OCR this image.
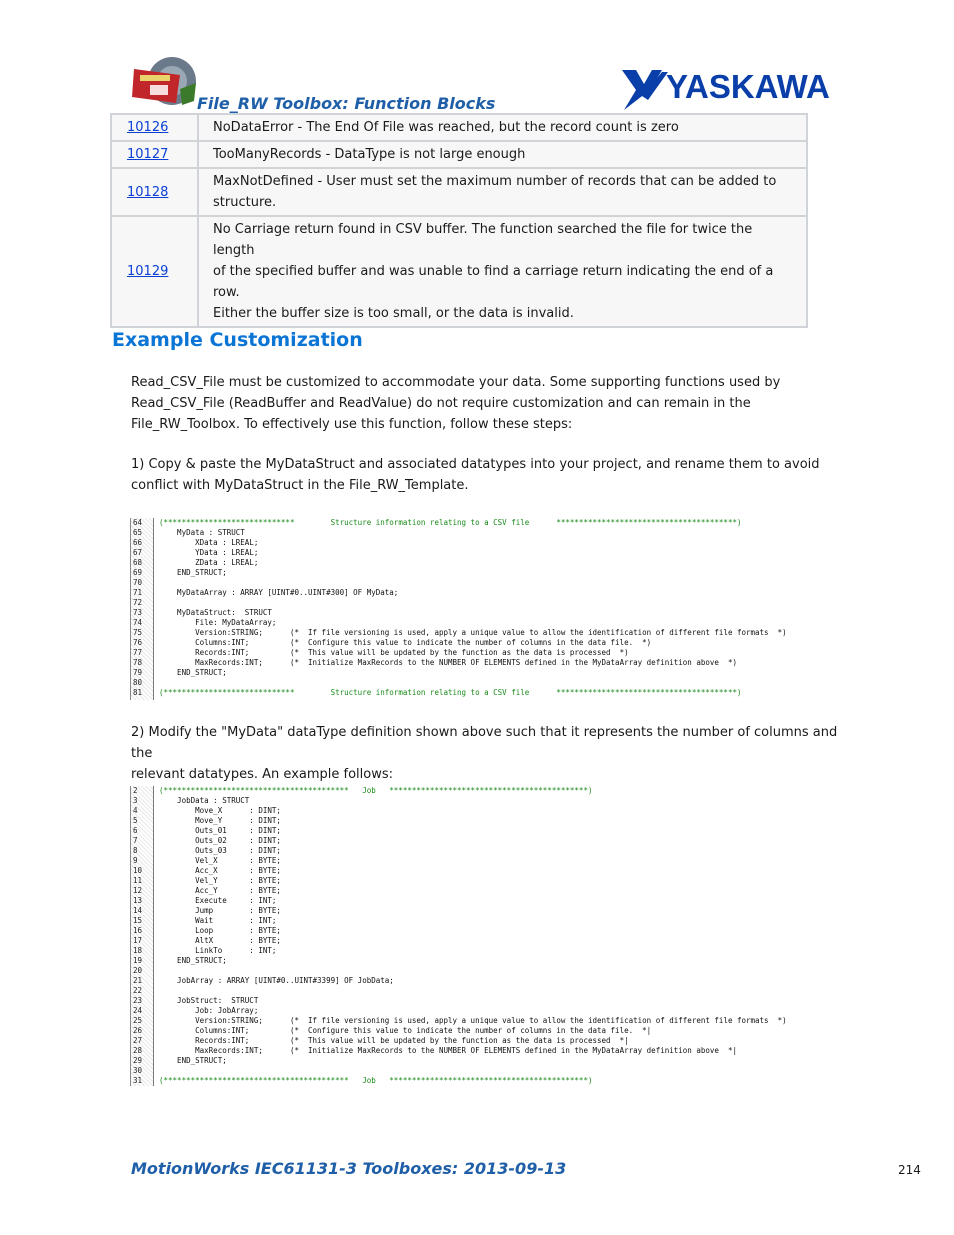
File_RW Toolbox: Function Blocks	YASKAWA
10126	NoDataError - The End Of File was reached, but the record count is zero

10127	TooManyRecords - DataType is not large enough

10128	MaxNotDefined - User must set the maximum number of records that can be added to
structure.

10129	No Carriage return found in CSV buffer. The function searched the file for twice the length
of the specified buffer and was unable to find a carriage return indicating the end of a row.
Either the buffer size is too small, or the data is invalid.
Example Customization
Read_CSV_File must be customized to accommodate your data. Some supporting functions used by
Read_CSV_File (ReadBuffer and ReadValue) do not require customization and can remain in the
File_RW_Toolbox. To effectively use this function, follow these steps:
1) Copy & paste the MyDataStruct and associated datatypes into your project, and rename them to avoid
conflict with MyDataStruct in the File_RW_Template.
64 (*****************************        Structure information relating to a CSV file      ****************************************)
65 MyData : STRUCT
66 XData : LREAL;
67 YData : LREAL;
68 ZData : LREAL;
69 END_STRUCT;
70
71 MyDataArray : ARRAY [UINT#0..UINT#300] OF MyData;
72
73 MyDataStruct:  STRUCT
74 File: MyDataArray;
75 Version:STRING;      (*  If file versioning is used, apply a unique value to allow the identification of different file formats  *)
76 Columns:INT;         (*  Configure this value to indicate the number of columns in the data file.  *)
77 Records:INT;         (*  This value will be updated by the function as the data is processed  *)
78 MaxRecords:INT;      (*  Initialize MaxRecords to the NUMBER OF ELEMENTS defined in the MyDataArray definition above  *)
79 END_STRUCT;
80
81 (*****************************        Structure information relating to a CSV file      ****************************************)
2) Modify the "MyData" dataType definition shown above such that it represents the number of columns and the
relevant datatypes. An example follows:
2	(*****************************************   Job   ********************************************)
3	JobData : STRUCT
4	Move_X      : DINT;
5	Move_Y      : DINT;
6	Outs_01     : DINT;
7	Outs_02     : DINT;
8	Outs_03     : DINT;
9	Vel_X       : BYTE;
10 Acc_X       : BYTE;
11 Vel_Y       : BYTE;
12 Acc_Y       : BYTE;
13 Execute     : INT;
14 Jump        : BYTE;
15 Wait        : INT;
16 Loop        : BYTE;
17 AltX        : BYTE;
18 LinkTo      : INT;
19 END_STRUCT;
20
21 JobArray : ARRAY [UINT#0..UINT#3399] OF JobData;
22
23 JobStruct:  STRUCT
24 Job: JobArray;
25 Version:STRING;      (*  If file versioning is used, apply a unique value to allow the identification of different file formats  *)
26 Columns:INT;         (*  Configure this value to indicate the number of columns in the data file.  *|
27 Records:INT;         (*  This value will be updated by the function as the data is processed  *|
28 MaxRecords:INT;      (*  Initialize MaxRecords to the NUMBER OF ELEMENTS defined in the MyDataArray definition above  *|
29 END_STRUCT;
30
31 (*****************************************   Job   ********************************************)
MotionWorks IEC61131-3 Toolboxes: 2013-09-13	214
